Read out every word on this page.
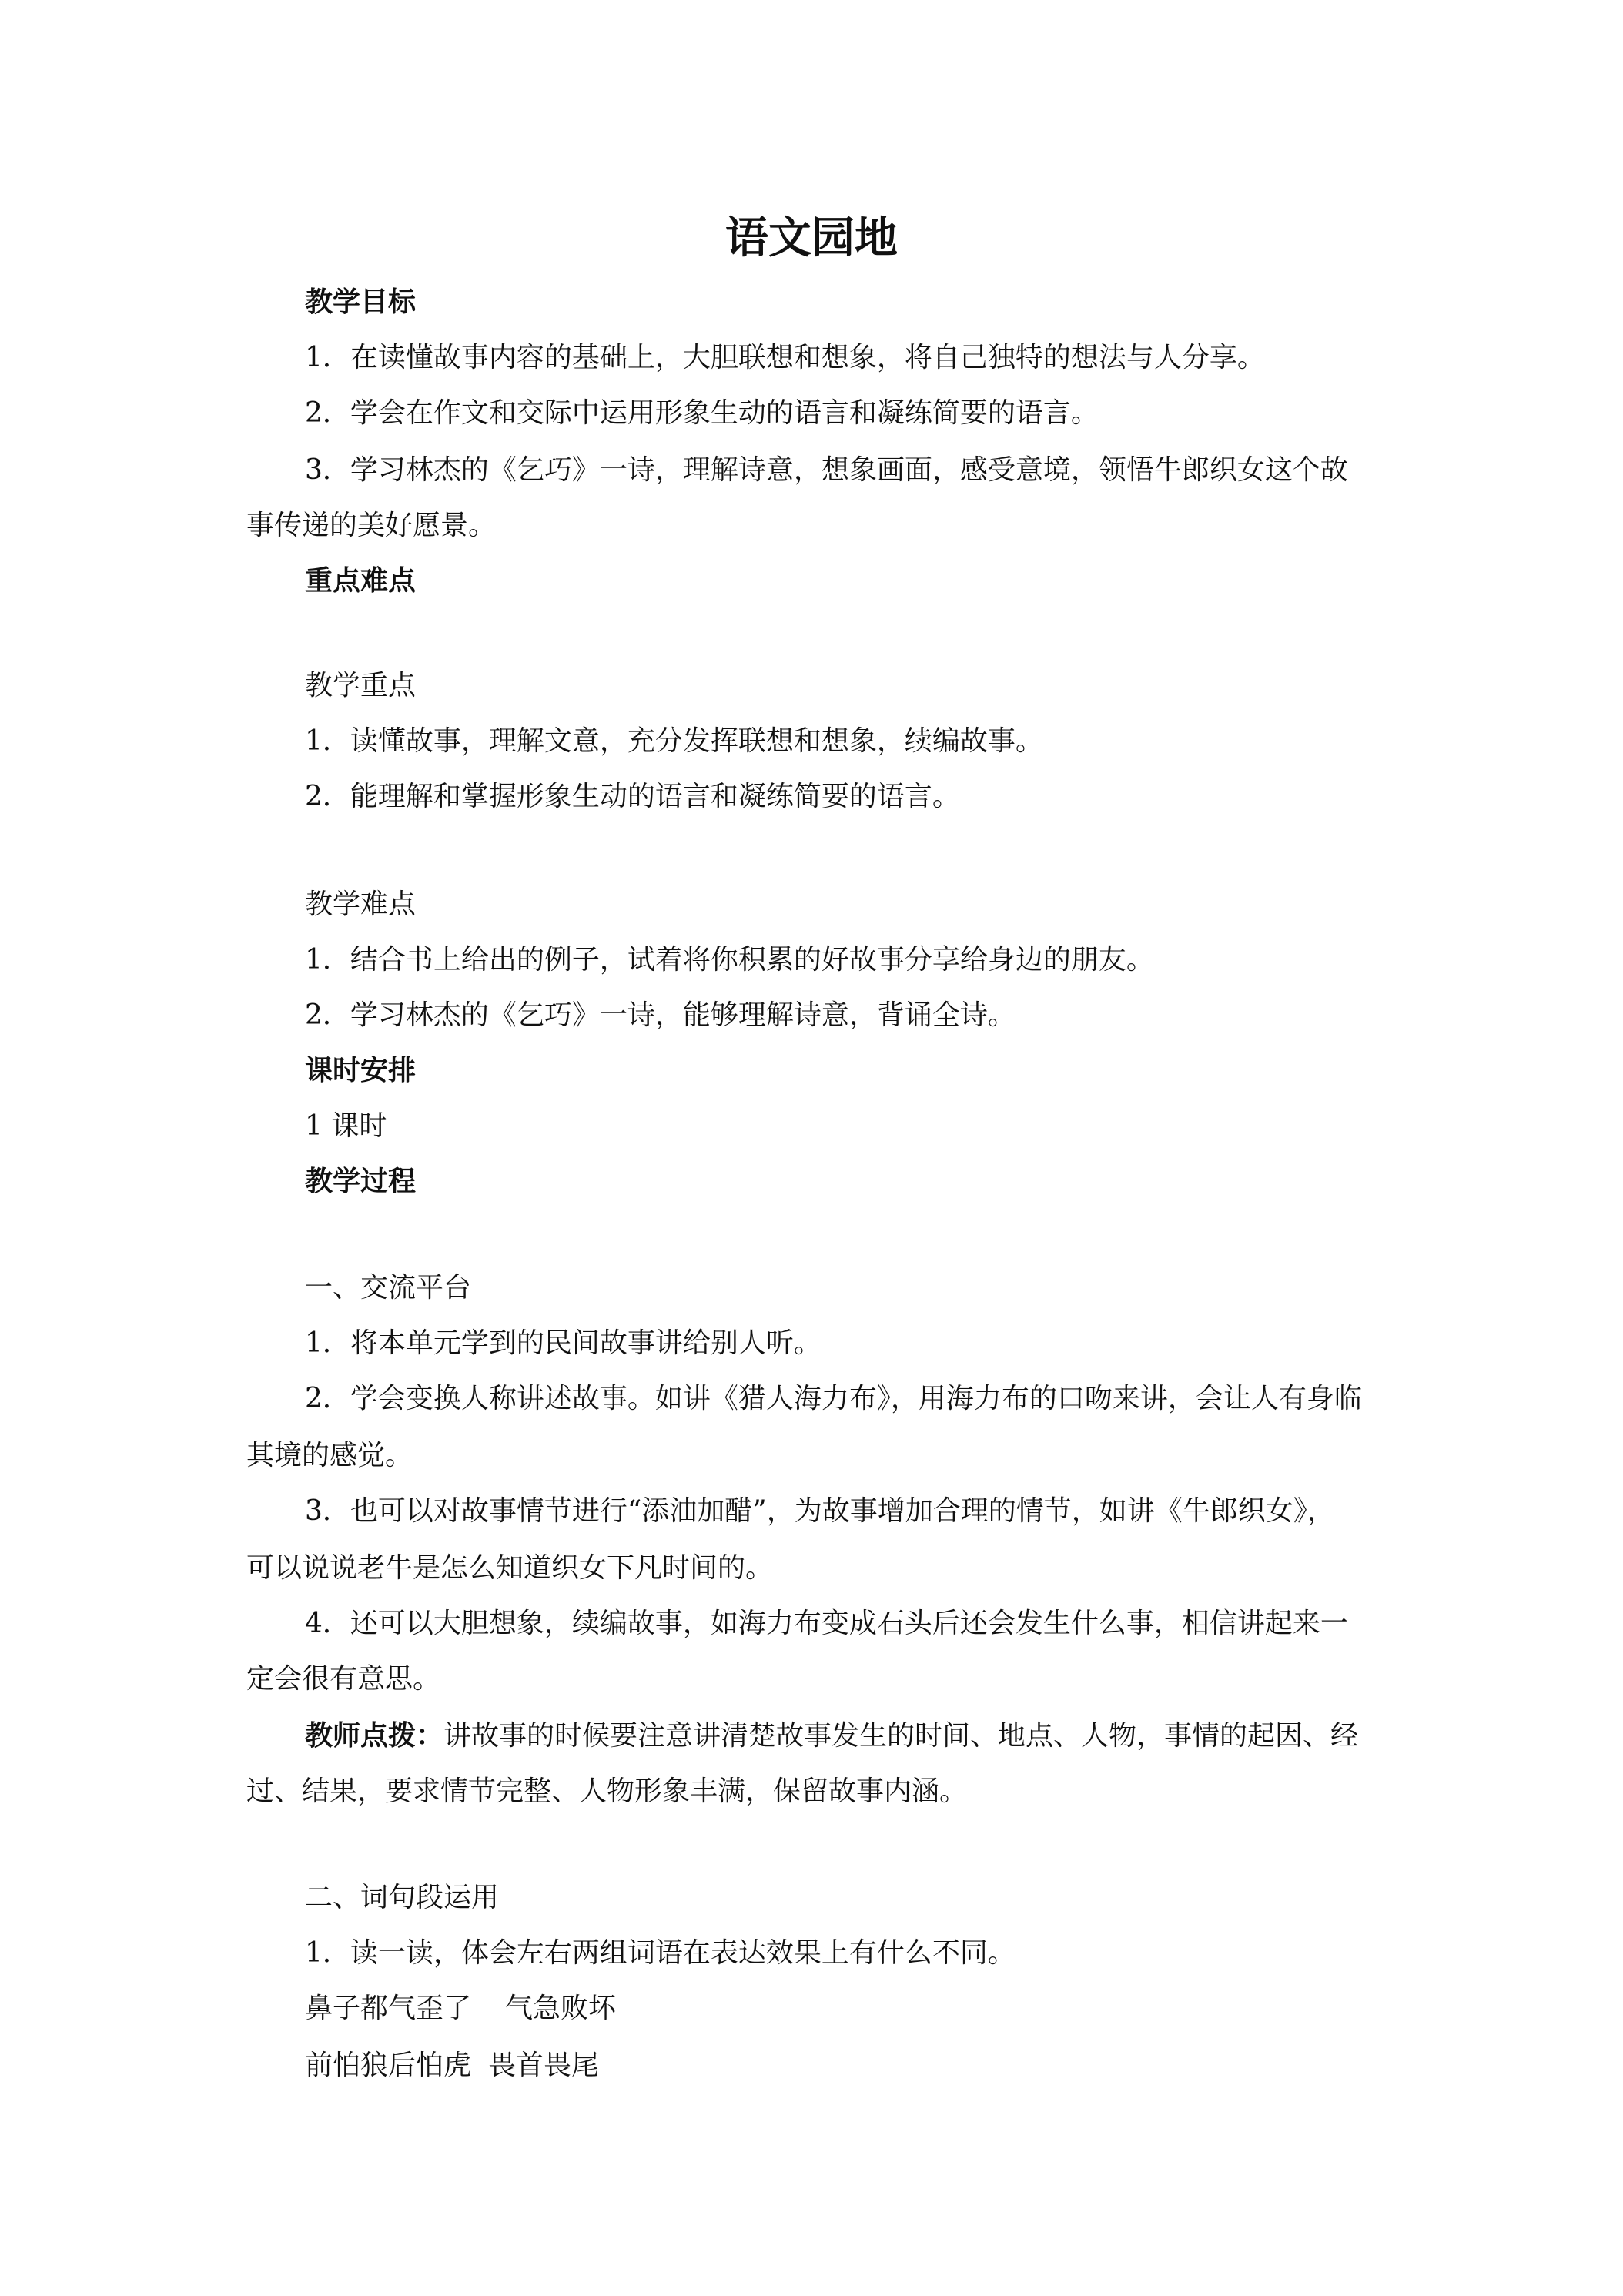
语文园地

教学目标

1．在读懂故事内容的基础上，大胆联想和想象，将自己独特的想法与人分享。

2．学会在作文和交际中运用形象生动的语言和凝练简要的语言。

3．学习林杰的《乞巧》一诗，理解诗意，想象画面，感受意境，领悟牛郎织女这个故

事传递的美好愿景。

重点难点

教学重点

1．读懂故事，理解文意，充分发挥联想和想象，续编故事。

2．能理解和掌握形象生动的语言和凝练简要的语言。

教学难点

1．结合书上给出的例子，试着将你积累的好故事分享给身边的朋友。

2．学习林杰的《乞巧》一诗，能够理解诗意，背诵全诗。

课时安排

1 课时

教学过程

一、交流平台

1．将本单元学到的民间故事讲给别人听。

2．学会变换人称讲述故事。如讲《猎人海力布》，用海力布的口吻来讲，会让人有身临

其境的感觉。

3．也可以对故事情节进行“添油加醋”，为故事增加合理的情节，如讲《牛郎织女》，

可以说说老牛是怎么知道织女下凡时间的。

4．还可以大胆想象，续编故事，如海力布变成石头后还会发生什么事，相信讲起来一

定会很有意思。

教师点拨：讲故事的时候要注意讲清楚故事发生的时间、地点、人物，事情的起因、经

过、结果，要求情节完整、人物形象丰满，保留故事内涵。

二、词句段运用

1．读一读，体会左右两组词语在表达效果上有什么不同。

鼻子都气歪了 气急败坏

前怕狼后怕虎 畏首畏尾
